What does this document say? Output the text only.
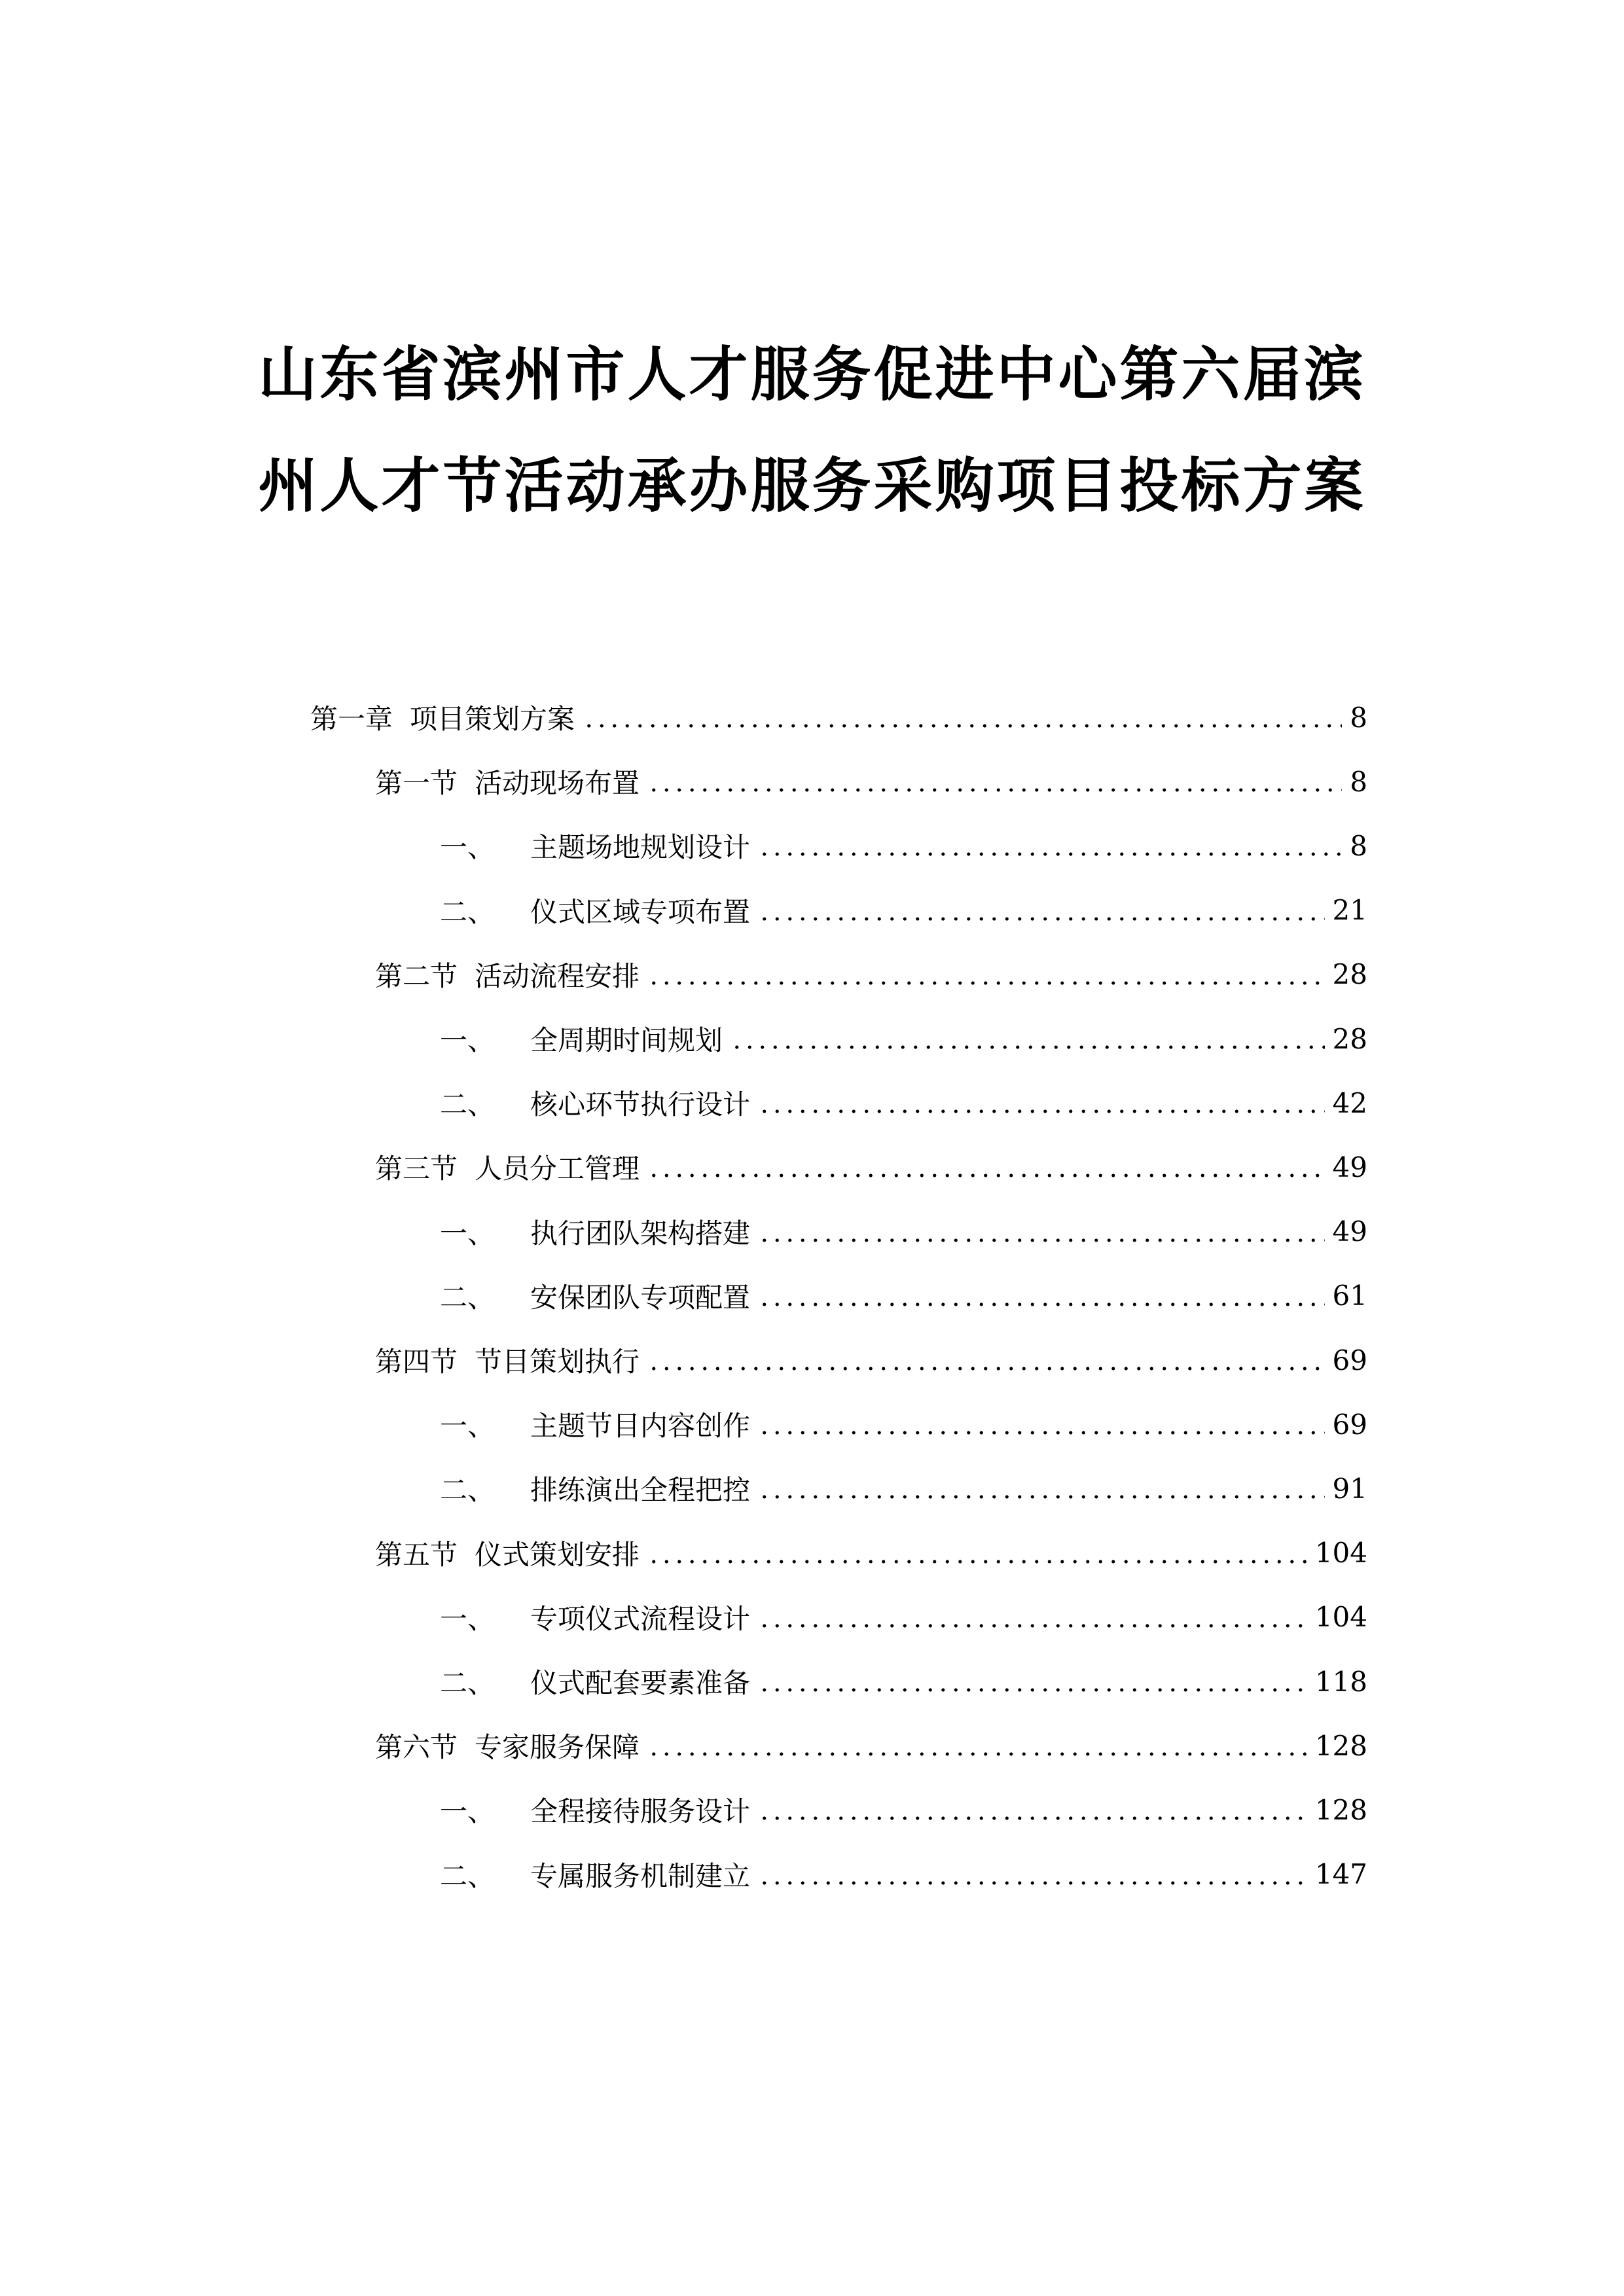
山东省滨州市人才服务促进中心第六届滨
州人才节活动承办服务采购项目投标方案
第一章 项目策划方案	8
第一节 活动现场布置	8
一、 主题场地规划设计	8
二、 仪式区域专项布置	21
第二节 活动流程安排	28
一、 全周期时间规划	28
二、 核心环节执行设计	42
第三节 人员分工管理	49
一、 执行团队架构搭建	49
二、 安保团队专项配置	61
第四节 节目策划执行	69
一、 主题节目内容创作	69
二、 排练演出全程把控	91
第五节 仪式策划安排	104
一、 专项仪式流程设计	104
二、 仪式配套要素准备	118
第六节 专家服务保障	128
一、 全程接待服务设计	128
二、 专属服务机制建立	147
